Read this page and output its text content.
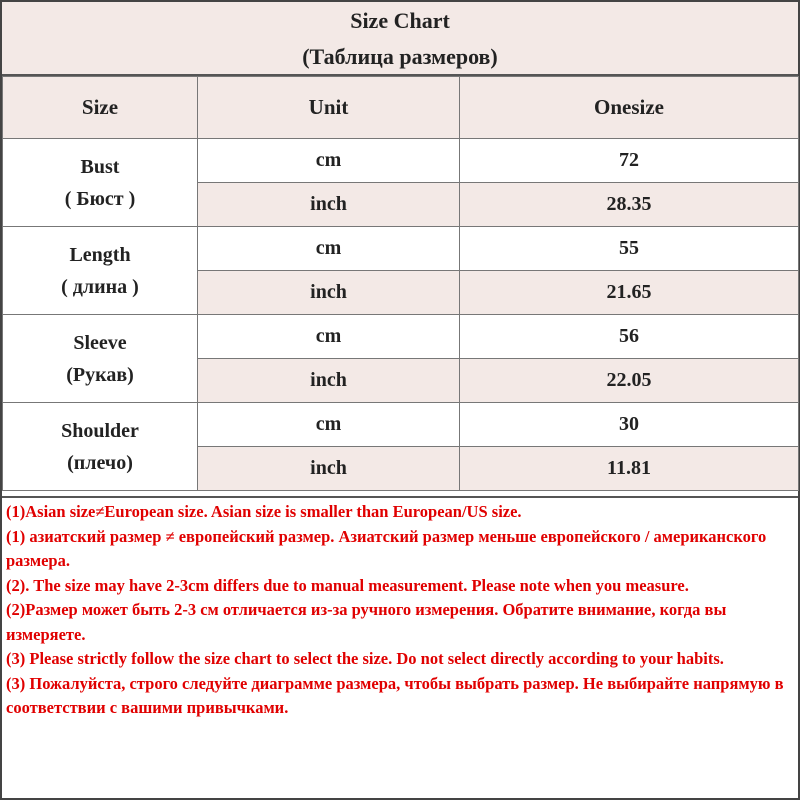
Size Chart
(Таблица размеров)
Size	Unit	Onesize
Bust
( Бюст )	cm	72
	inch	28.35
Length
( длина )	cm	55
	inch	21.65
Sleeve
(Рукав)	cm	56
	inch	22.05
Shoulder
(плечо)	cm	30
	inch	11.81

(1)Asian size≠European size. Asian size is smaller than European/US size.

(1) азиатский размер ≠ европейский размер. Азиатский размер меньше европейского / американского размера.

(2). The size may have 2-3cm differs due to manual measurement. Please note when you measure.

(2)Размер может быть 2-3 см отличается из-за ручного измерения. Обратите внимание, когда вы измеряете.

(3) Please strictly follow the size chart to select the size. Do not select directly according to your habits.

(3) Пожалуйста, строго следуйте диаграмме размера, чтобы выбрать размер. Не выбирайте напрямую в соответствии с вашими привычками.
